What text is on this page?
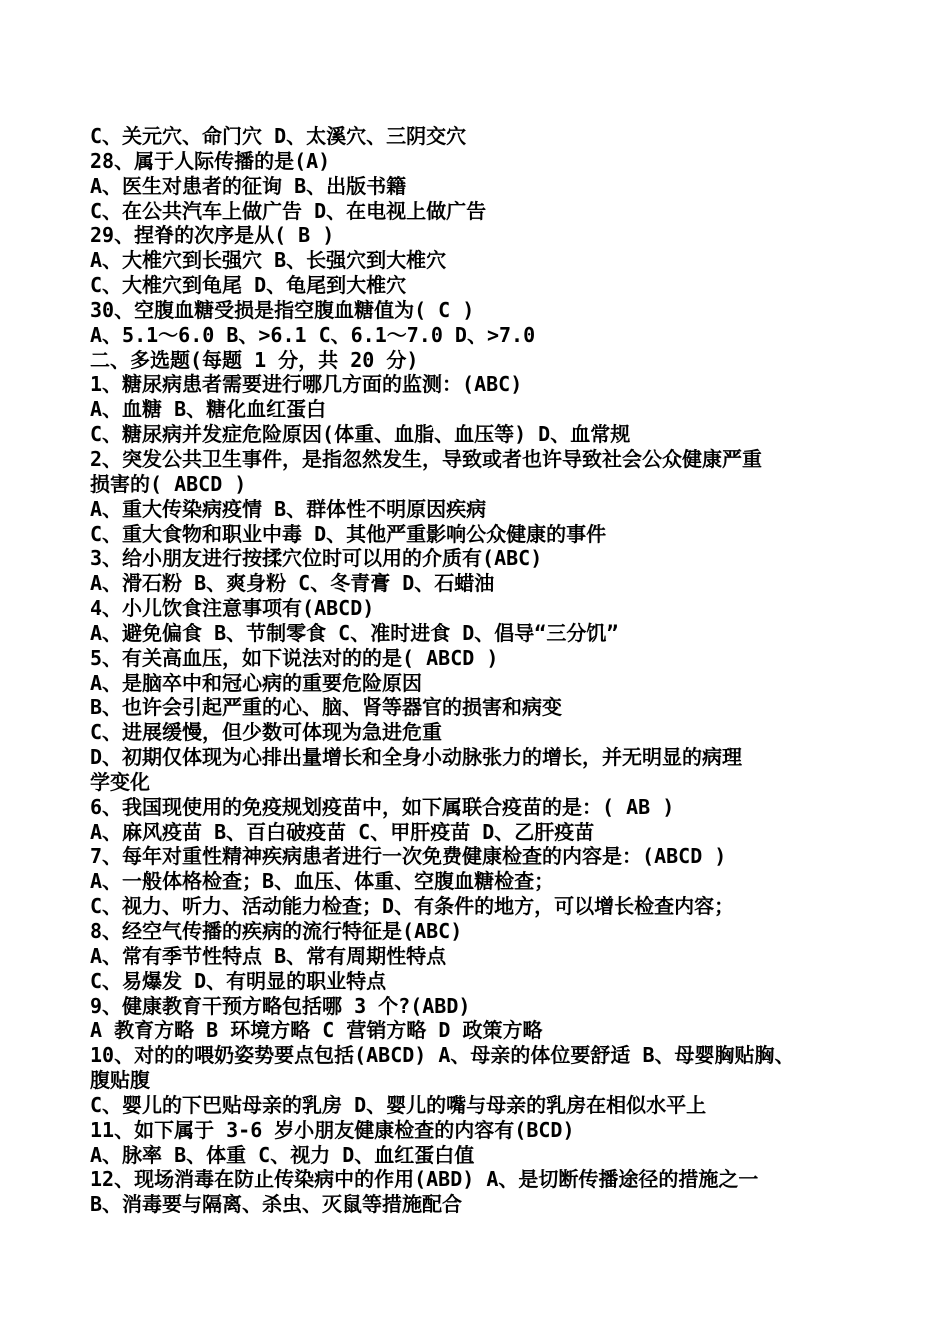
C、关元穴、命门穴 D、太溪穴、三阴交穴
28、属于人际传播的是(A)
A、医生对患者的征询 B、出版书籍
C、在公共汽车上做广告 D、在电视上做广告
29、捏脊的次序是从( B )
A、大椎穴到长强穴 B、长强穴到大椎穴
C、大椎穴到龟尾 D、龟尾到大椎穴
30、空腹血糖受损是指空腹血糖值为( C )
A、5.1～6.0 B、>6.1 C、6.1～7.0 D、>7.0
二、多选题(每题 1 分，共 20 分)
1、糖尿病患者需要进行哪几方面的监测：(ABC)
A、血糖 B、糖化血红蛋白
C、糖尿病并发症危险原因(体重、血脂、血压等) D、血常规
2、突发公共卫生事件，是指忽然发生，导致或者也许导致社会公众健康严重
损害的( ABCD )
A、重大传染病疫情 B、群体性不明原因疾病
C、重大食物和职业中毒 D、其他严重影响公众健康的事件
3、给小朋友进行按揉穴位时可以用的介质有(ABC)
A、滑石粉 B、爽身粉 C、冬青膏 D、石蜡油
4、小儿饮食注意事项有(ABCD)
A、避免偏食 B、节制零食 C、准时进食 D、倡导“三分饥”
5、有关高血压，如下说法对的的是( ABCD )
A、是脑卒中和冠心病的重要危险原因
B、也许会引起严重的心、脑、肾等器官的损害和病变
C、进展缓慢，但少数可体现为急进危重
D、初期仅体现为心排出量增长和全身小动脉张力的增长，并无明显的病理
学变化
6、我国现使用的免疫规划疫苗中，如下属联合疫苗的是：( AB )
A、麻风疫苗 B、百白破疫苗 C、甲肝疫苗 D、乙肝疫苗
7、每年对重性精神疾病患者进行一次免费健康检查的内容是：(ABCD )
A、一般体格检查；B、血压、体重、空腹血糖检查；
C、视力、听力、活动能力检查；D、有条件的地方，可以增长检查内容；
8、经空气传播的疾病的流行特征是(ABC)
A、常有季节性特点 B、常有周期性特点
C、易爆发 D、有明显的职业特点
9、健康教育干预方略包括哪 3 个?(ABD)
A 教育方略 B 环境方略 C 营销方略 D 政策方略
10、对的的喂奶姿势要点包括(ABCD) A、母亲的体位要舒适 B、母婴胸贴胸、
腹贴腹
C、婴儿的下巴贴母亲的乳房 D、婴儿的嘴与母亲的乳房在相似水平上
11、如下属于 3-6 岁小朋友健康检查的内容有(BCD)
A、脉率 B、体重 C、视力 D、血红蛋白值
12、现场消毒在防止传染病中的作用(ABD) A、是切断传播途径的措施之一
B、消毒要与隔离、杀虫、灭鼠等措施配合
